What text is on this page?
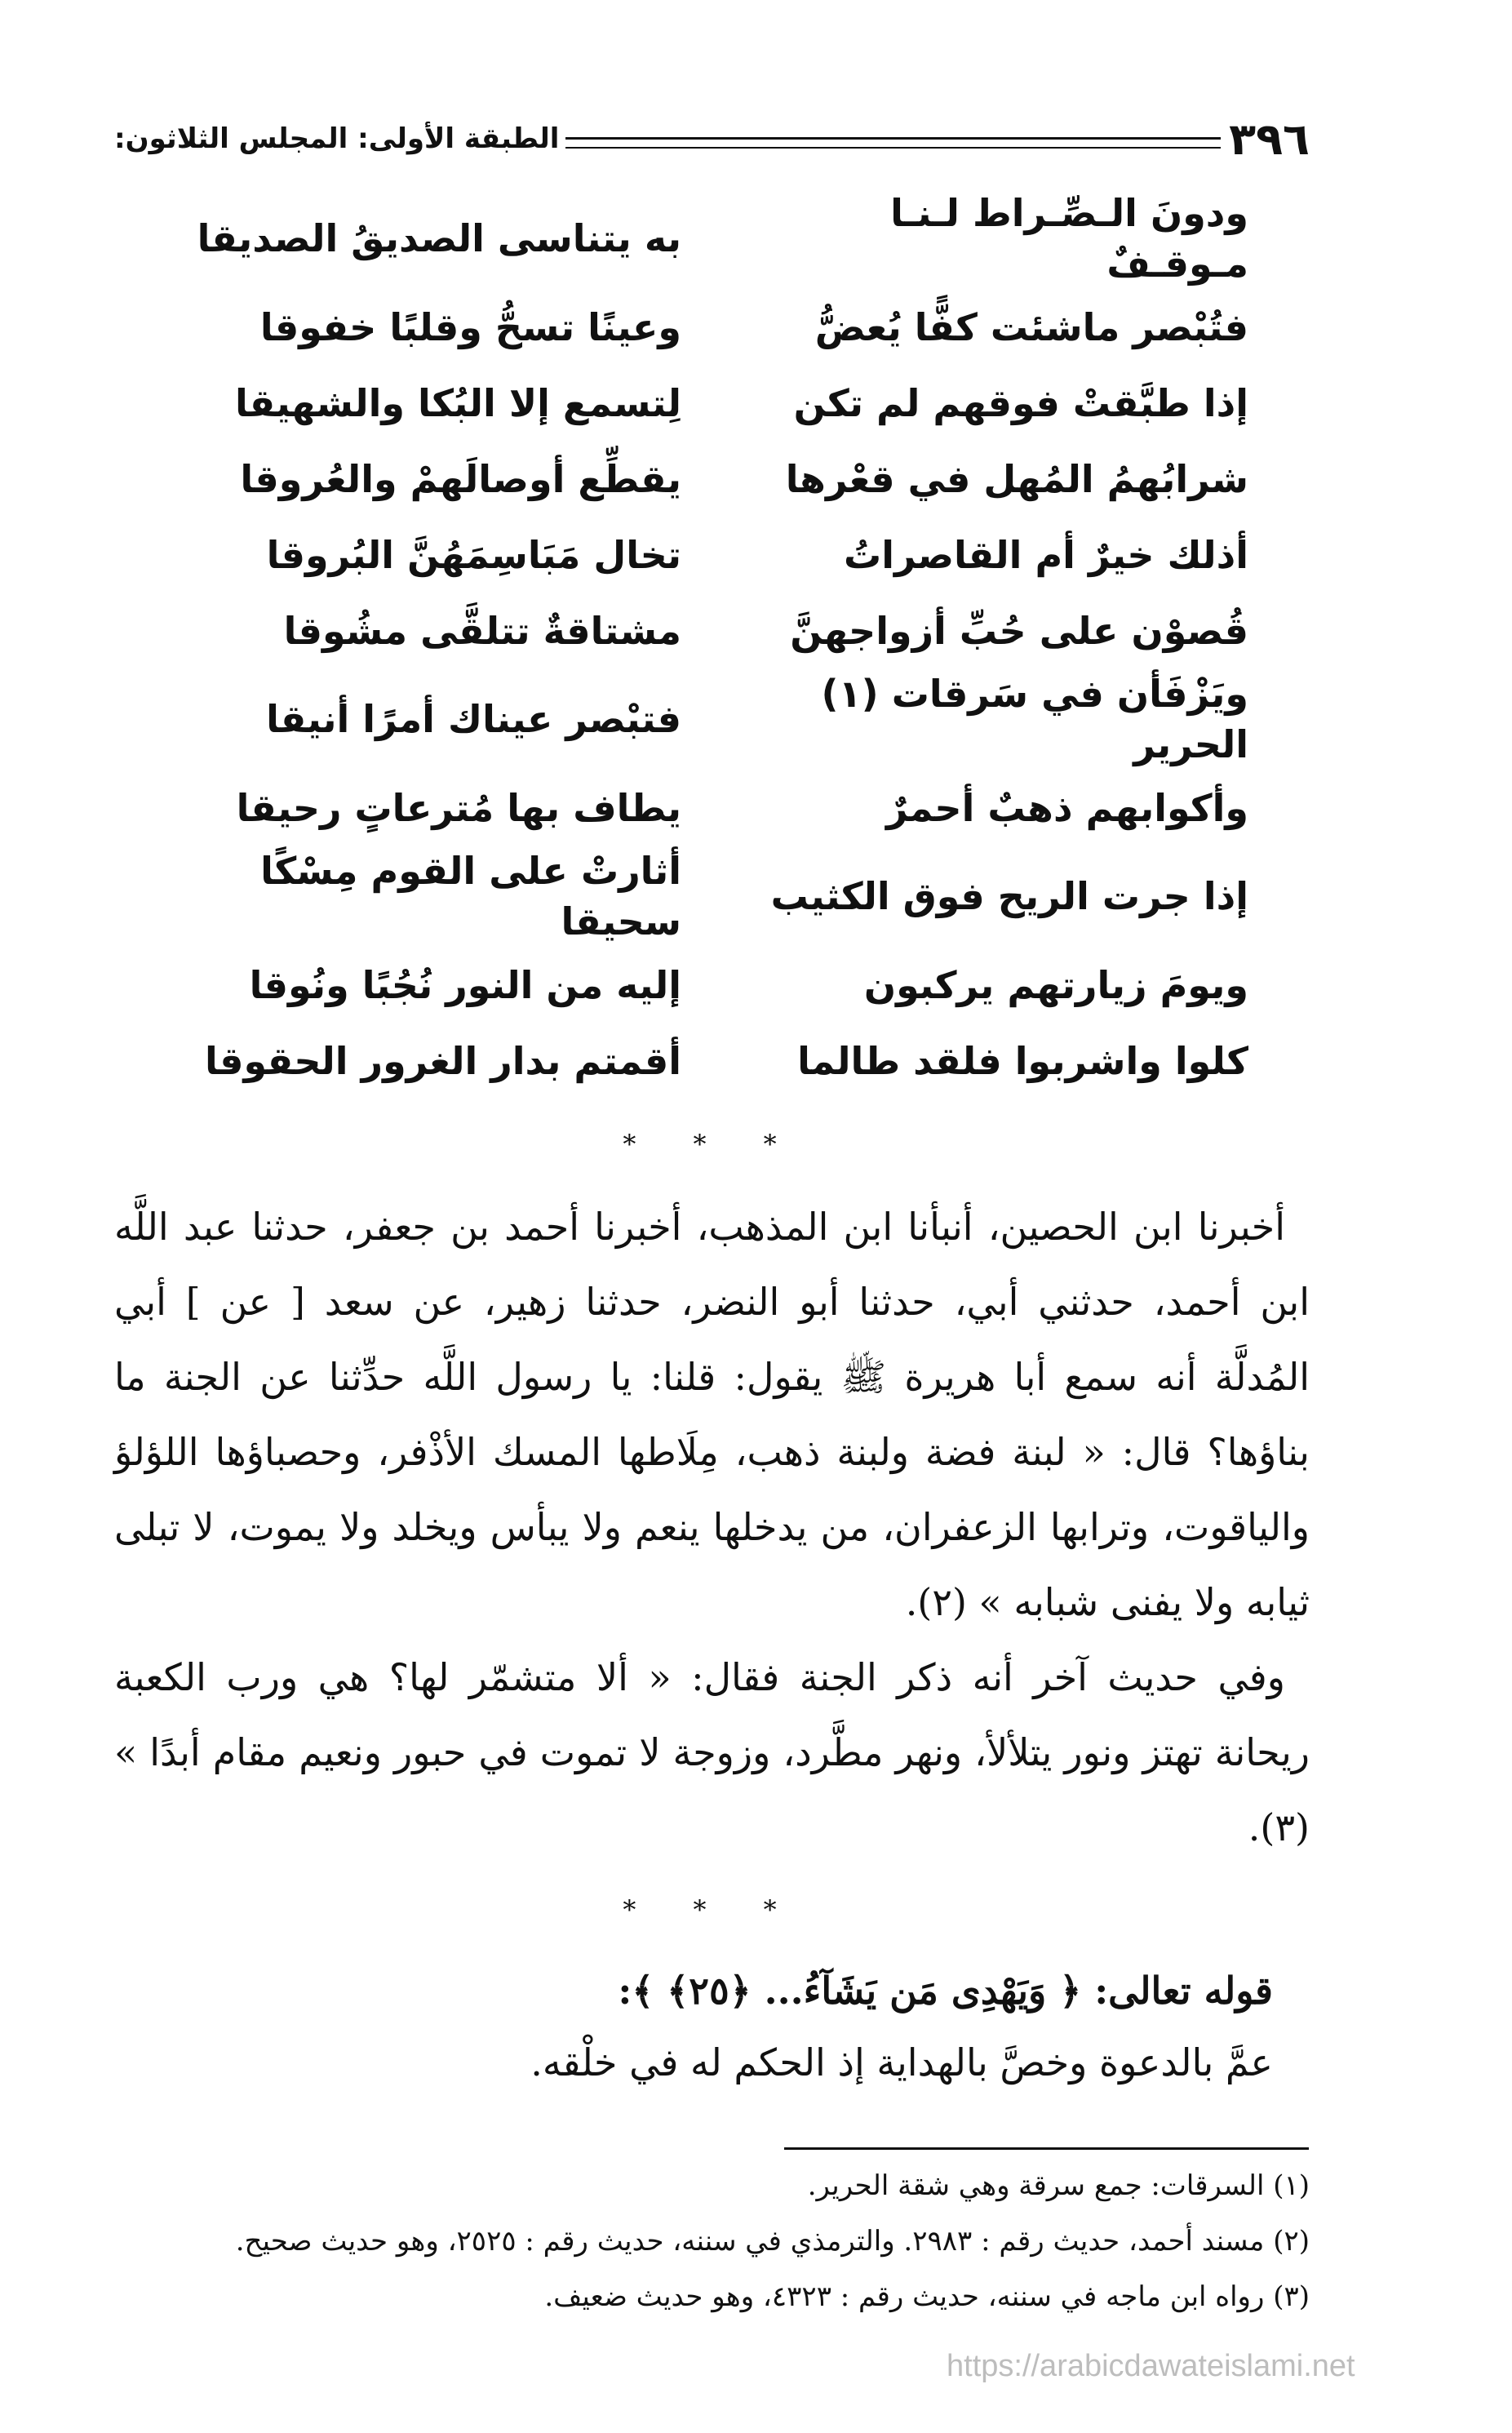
٣٩٦
الطبقة الأولى: المجلس الثلاثون:
ودونَ الـصِّـراط لـنـا مـوقـفٌ
به يتناسى الصديقُ الصديقا
فتُبْصر ماشئت كفًّا يُعضُّ
وعينًا تسحُّ وقلبًا خفوقا
إذا طبَّقتْ فوقهم لم تكن
لِتسمع إلا البُكا والشهيقا
شرابُهمُ المُهل في قعْرها
يقطِّع أوصالَهمْ والعُروقا
أذلك خيرٌ أم القاصراتُ
تخال مَبَاسِمَهُنَّ البُروقا
قُصوْن على حُبِّ أزواجهنَّ
مشتاقةٌ تتلقَّى مشُوقا
ويَزْفَأن في سَرقات (١) الحرير
فتبْصر عيناك أمرًا أنيقا
وأكوابهم ذهبٌ أحمرٌ
يطاف بها مُترعاتٍ رحيقا
إذا جرت الريح فوق الكثيب
أثارتْ على القوم مِسْكًا سحيقا
ويومَ زيارتهم يركبون
إليه من النور نُجُبًا ونُوقا
كلوا واشربوا فلقد طالما
أقمتم بدار الغرور الحقوقا
* * *

أخبرنا ابن الحصين، أنبأنا ابن المذهب، أخبرنا أحمد بن جعفر، حدثنا عبد اللَّه ابن أحمد، حدثني أبي، حدثنا أبو النضر، حدثنا زهير، عن سعد [ عن ] أبي المُدلَّة أنه سمع أبا هريرة ﷺ يقول: قلنا: يا رسول اللَّه حدِّثنا عن الجنة ما بناؤها؟ قال: « لبنة فضة ولبنة ذهب، مِلَاطها المسك الأذْفر، وحصباؤها اللؤلؤ والياقوت، وترابها الزعفران، من يدخلها ينعم ولا يبأس ويخلد ولا يموت، لا تبلى ثيابه ولا يفنى شبابه » (٢).

وفي حديث آخر أنه ذكر الجنة فقال: « ألا متشمّر لها؟ هي ورب الكعبة ريحانة تهتز ونور يتلألأ، ونهر مطَّرد، وزوجة لا تموت في حبور ونعيم مقام أبدًا » (٣).

* * *
قوله تعالى: ﴿ وَيَهْدِى مَن يَشَآءُ... ﴿٢٥﴾ ﴾:
عمَّ بالدعوة وخصَّ بالهداية إذ الحكم له في خلْقه.
(١) السرقات: جمع سرقة وهي شقة الحرير.
(٢) مسند أحمد، حديث رقم : ٢٩٨٣. والترمذي في سننه، حديث رقم : ٢٥٢٥، وهو حديث صحيح.
(٣) رواه ابن ماجه في سننه، حديث رقم : ٤٣٢٣، وهو حديث ضعيف.
https://arabicdawateislami.net
